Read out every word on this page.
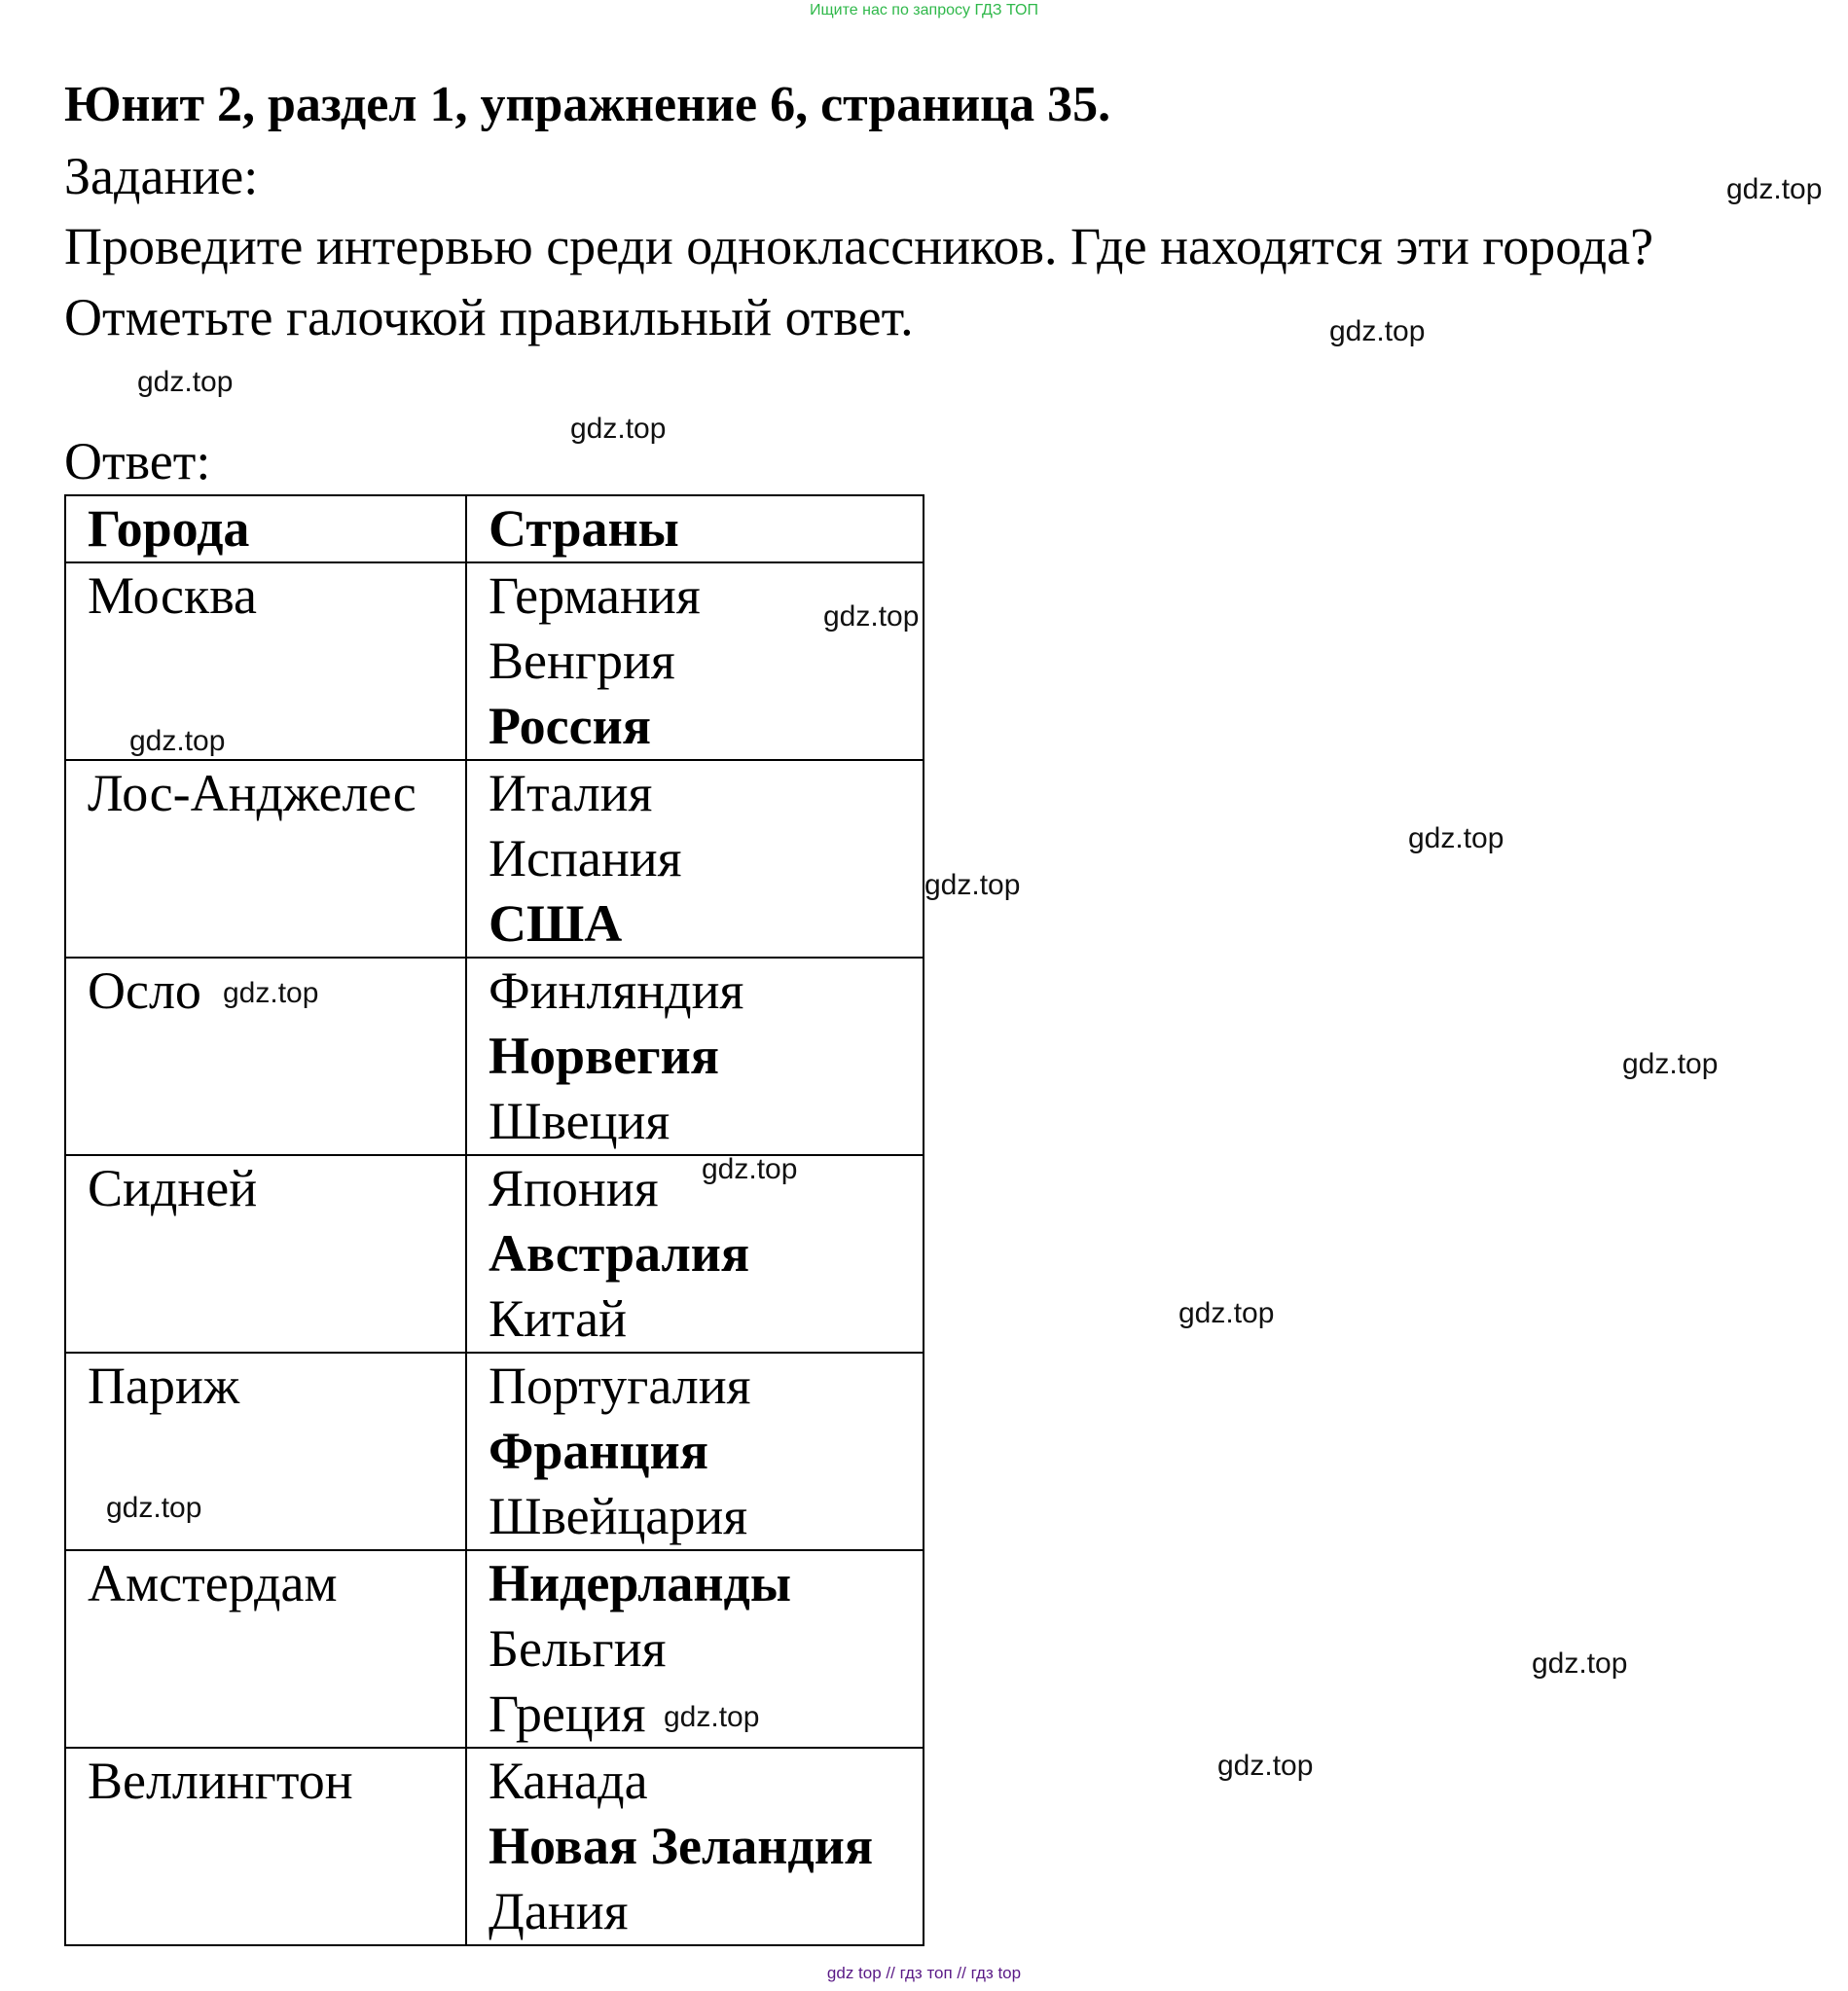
Ищите нас по запросу ГДЗ ТОП
Юнит 2, раздел 1, упражнение 6, страница 35.
Задание:
Проведите интервью среди одноклассников. Где находятся эти города?
Отметьте галочкой правильный ответ.
Ответ:
Города	Страны
Москва	Германия
Венгрия
Россия

Лос-Анджелес	Италия
Испания
США

Осло	Финляндия
Норвегия
Швеция

Сидней	Япония
Австралия
Китай

Париж	Португалия
Франция
Швейцария

Амстердам	Нидерланды
Бельгия
Греция

Веллингтон	Канада
Новая Зеландия
Дания
gdz.top
gdz.top
gdz.top
gdz.top
gdz.top
gdz.top
gdz.top
gdz.top
gdz.top
gdz.top
gdz.top
gdz.top
gdz.top
gdz.top
gdz.top
gdz.top
gdz top // гдз топ // гдз top
